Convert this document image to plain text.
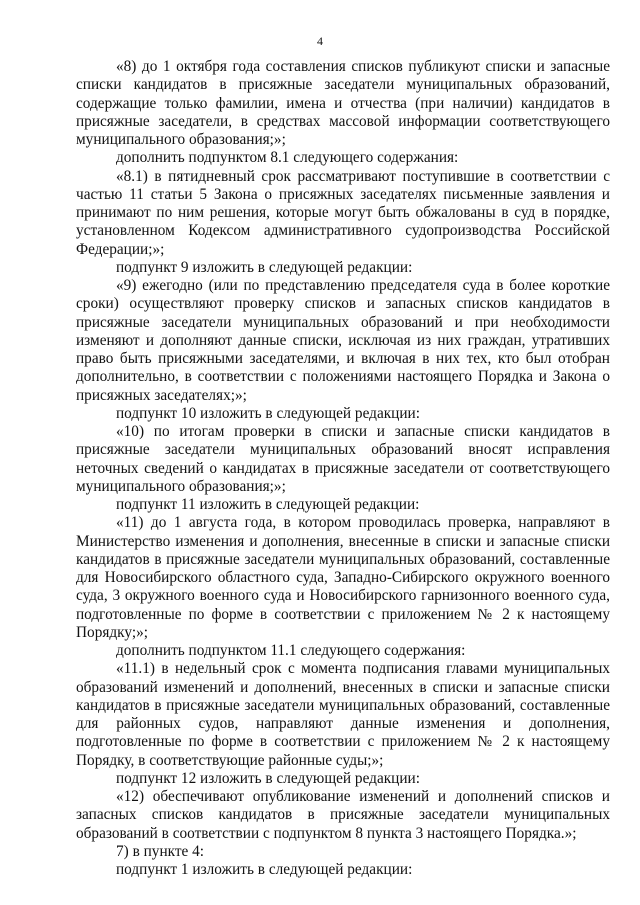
4

«8) до 1 октября года составления списков публикуют списки и запасные списки кандидатов в присяжные заседатели муниципальных образований, содержащие только фамилии, имена и отчества (при наличии) кандидатов в присяжные заседатели, в средствах массовой информации соответствующего муниципального образования;»;

дополнить подпунктом 8.1 следующего содержания:

«8.1) в пятидневный срок рассматривают поступившие в соответствии с частью 11 статьи 5 Закона о присяжных заседателях письменные заявления и принимают по ним решения, которые могут быть обжалованы в суд в порядке, установленном Кодексом административного судопроизводства Российской Федерации;»;

подпункт 9 изложить в следующей редакции:

«9) ежегодно (или по представлению председателя суда в более короткие сроки) осуществляют проверку списков и запасных списков кандидатов в присяжные заседатели муниципальных образований и при необходимости изменяют и дополняют данные списки, исключая из них граждан, утративших право быть присяжными заседателями, и включая в них тех, кто был отобран дополнительно, в соответствии с положениями настоящего Порядка и Закона о присяжных заседателях;»;

подпункт 10 изложить в следующей редакции:

«10) по итогам проверки в списки и запасные списки кандидатов в присяжные заседатели муниципальных образований вносят исправления неточных сведений о кандидатах в присяжные заседатели от соответствующего муниципального образования;»;

подпункт 11 изложить в следующей редакции:

«11) до 1 августа года, в котором проводилась проверка, направляют в Министерство изменения и дополнения, внесенные в списки и запасные списки кандидатов в присяжные заседатели муниципальных образований, составленные для Новосибирского областного суда, Западно-Сибирского окружного военного суда, 3 окружного военного суда и Новосибирского гарнизонного военного суда, подготовленные по форме в соответствии с приложением № 2 к настоящему Порядку;»;

дополнить подпунктом 11.1 следующего содержания:

«11.1) в недельный срок с момента подписания главами муниципальных образований изменений и дополнений, внесенных в списки и запасные списки кандидатов в присяжные заседатели муниципальных образований, составленные для районных судов, направляют данные изменения и дополнения, подготовленные по форме в соответствии с приложением № 2 к настоящему Порядку, в соответствующие районные суды;»;

подпункт 12 изложить в следующей редакции:

«12) обеспечивают опубликование изменений и дополнений списков и запасных списков кандидатов в присяжные заседатели муниципальных образований в соответствии с подпунктом 8 пункта 3 настоящего Порядка.»;

7) в пункте 4:

подпункт 1 изложить в следующей редакции:
